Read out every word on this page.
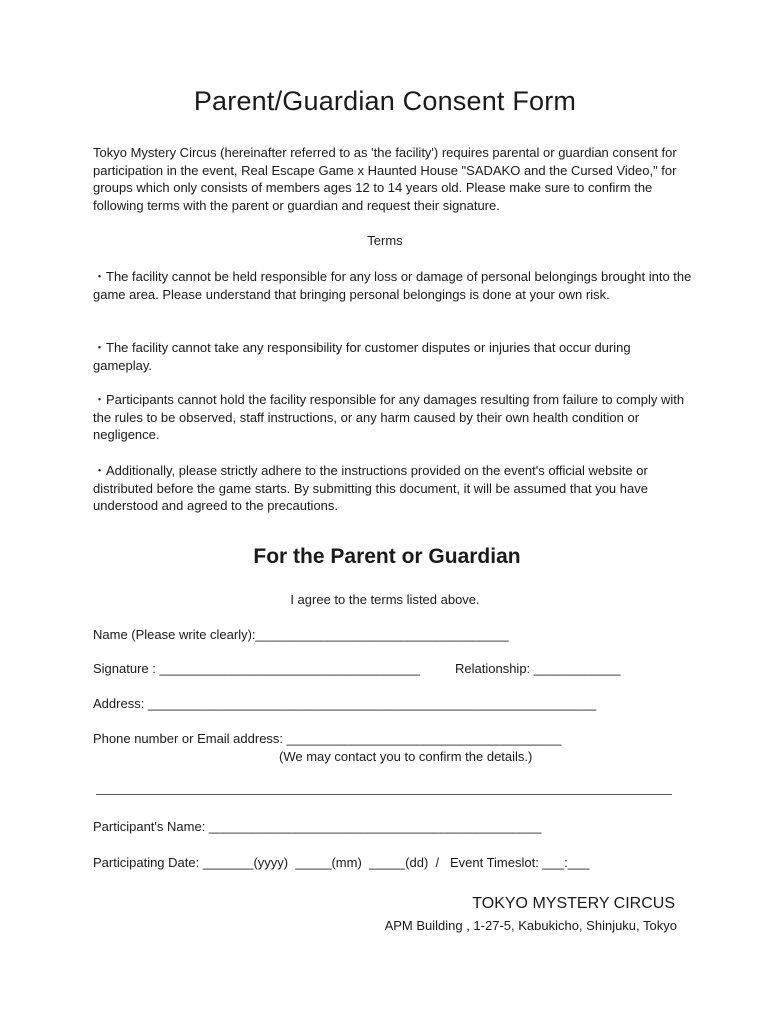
Parent/Guardian Consent Form

Tokyo Mystery Circus (hereinafter referred to as 'the facility') requires parental or guardian consent for participation in the event, Real Escape Game x Haunted House "SADAKO and the Cursed Video," for groups which only consists of members ages 12 to 14 years old. Please make sure to confirm the following terms with the parent or guardian and request their signature.

Terms

・The facility cannot be held responsible for any loss or damage of personal belongings brought into the game area. Please understand that bringing personal belongings is done at your own risk.

・The facility cannot take any responsibility for customer disputes or injuries that occur during gameplay.

・Participants cannot hold the facility responsible for any damages resulting from failure to comply with the rules to be observed, staff instructions, or any harm caused by their own health condition or negligence.

・Additionally, please strictly adhere to the instructions provided on the event's official website or distributed before the game starts. By submitting this document, it will be assumed that you have understood and agreed to the precautions.

For the Parent or Guardian

I agree to the terms listed above.

Name (Please write clearly):___________________________________

Signature : ____________________________________	Relationship: ____________

Address: ______________________________________________________________

Phone number or Email address: ______________________________________

(We may contact you to confirm the details.)

Participant's Name: ______________________________________________

Participating Date: _______(yyyy)  _____(mm)  _____(dd)  /   Event Timeslot: ___:___

TOKYO MYSTERY CIRCUS

APM Building , 1-27-5, Kabukicho, Shinjuku, Tokyo
